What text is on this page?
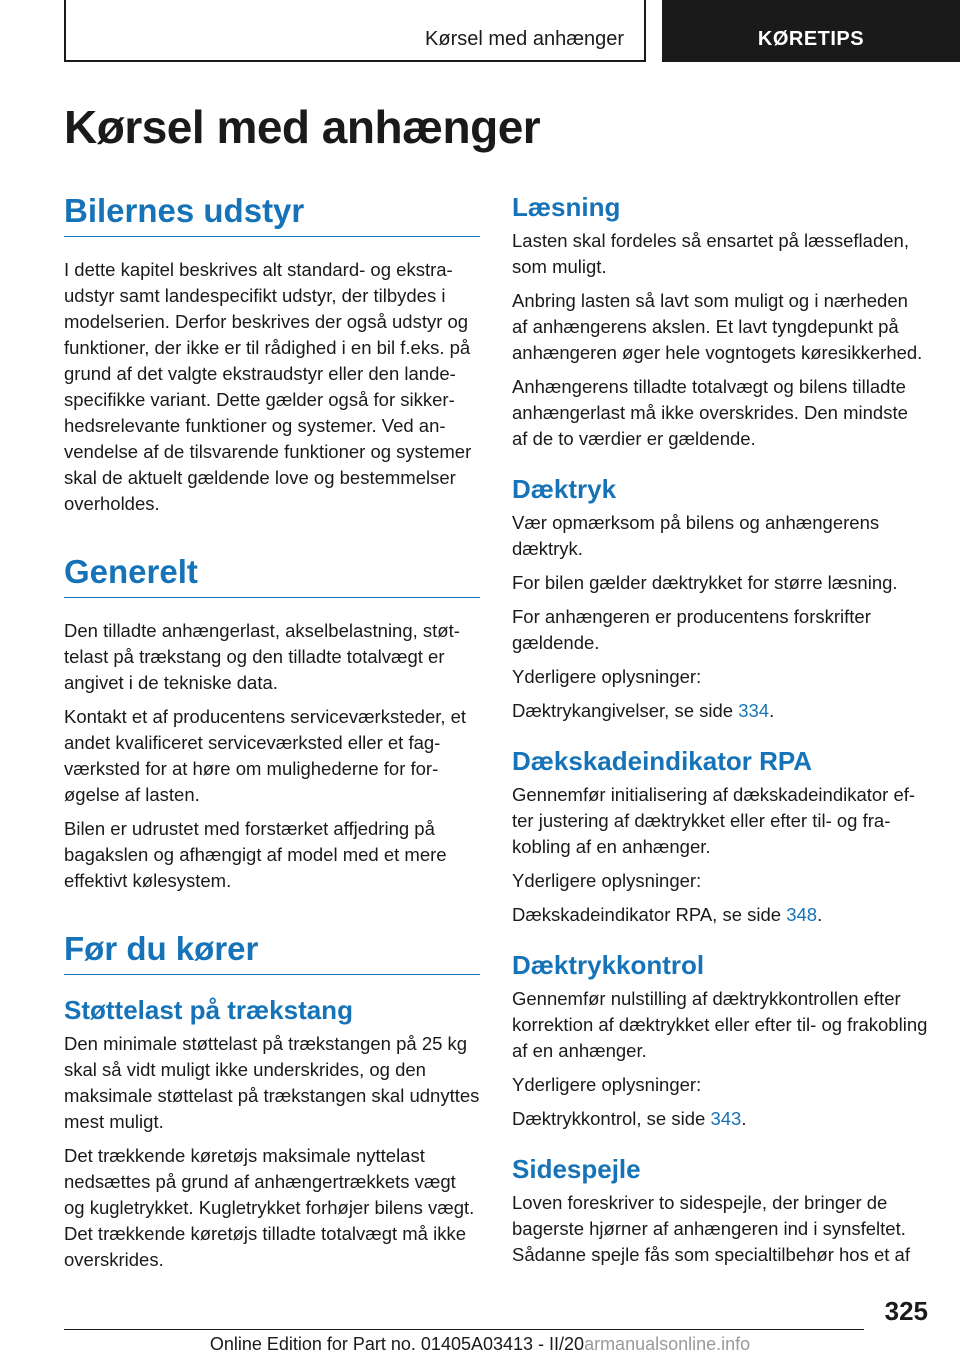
Kørsel med anhænger	KØRETIPS
Kørsel med anhænger
Bilernes udstyr

I dette kapitel beskrives alt standard- og ekstraudstyr samt landespecifikt udstyr, der tilbydes i modelserien. Derfor beskrives der også udstyr og funktioner, der ikke er til rådighed i en bil f.eks. på grund af det valgte ekstraudstyr eller den landespecifikke variant. Dette gælder også for sikkerhedsrelevante funktioner og systemer. Ved anvendelse af de tilsvarende funktioner og systemer skal de aktuelt gældende love og bestemmelser overholdes.

Generelt

Den tilladte anhængerlast, akselbelastning, støttelast på trækstang og den tilladte totalvægt er angivet i de tekniske data.

Kontakt et af producentens serviceværksteder, et andet kvalificeret serviceværksted eller et fagværksted for at høre om mulighederne for forøgelse af lasten.

Bilen er udrustet med forstærket affjedring på bagakslen og afhængigt af model med et mere effektivt kølesystem.

Før du kører
Støttelast på trækstang

Den minimale støttelast på trækstangen på 25 kg skal så vidt muligt ikke underskrides, og den maksimale støttelast på trækstangen skal udnyttes mest muligt.

Det trækkende køretøjs maksimale nyttelast nedsættes på grund af anhængertrækkets vægt og kugletrykket. Kugletrykket forhøjer bilens vægt. Det trækkende køretøjs tilladte totalvægt må ikke overskrides.

Læsning

Lasten skal fordeles så ensartet på læssefladen, som muligt.

Anbring lasten så lavt som muligt og i nærheden af anhængerens akslen. Et lavt tyngdepunkt på anhængeren øger hele vogntogets køresikkerhed.

Anhængerens tilladte totalvægt og bilens tilladte anhængerlast må ikke overskrides. Den mindste af de to værdier er gældende.

Dæktryk

Vær opmærksom på bilens og anhængerens dæktryk.

For bilen gælder dæktrykket for større læsning.

For anhængeren er producentens forskrifter gældende.

Yderligere oplysninger:

Dæktrykangivelser, se side 334.

Dækskadeindikator RPA

Gennemfør initialisering af dækskadeindikator efter justering af dæktrykket eller efter til- og frakobling af en anhænger.

Yderligere oplysninger:

Dækskadeindikator RPA, se side 348.

Dæktrykkontrol

Gennemfør nulstilling af dæktrykkontrollen efter korrektion af dæktrykket eller efter til- og frakobling af en anhænger.

Yderligere oplysninger:

Dæktrykkontrol, se side 343.

Sidespejle

Loven foreskriver to sidespejle, der bringer de bagerste hjørner af anhængeren ind i synsfeltet. Sådanne spejle fås som specialtilbehør hos et af

325
Online Edition for Part no. 01405A03413 - II/20armanualsonline.info
